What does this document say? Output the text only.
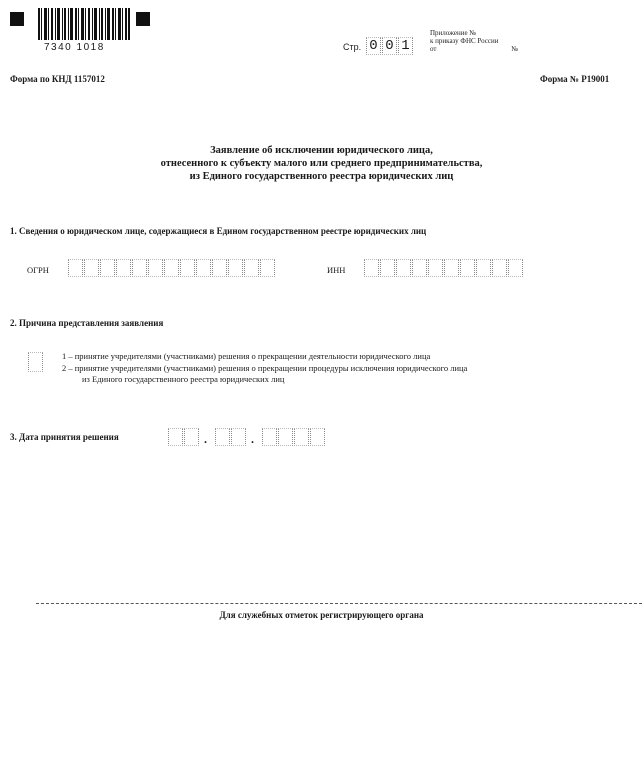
7340 1018	Стр. 0 0 1
Приложение №
к приказу ФНС России
от	№
Форма по КНД 1157012	Форма № Р19001
Заявление об исключении юридического лица,
отнесенного к субъекту малого или среднего предпринимательства,
из Единого государственного реестра юридических лиц
1. Сведения о юридическом лице, содержащиеся в Едином государственном реестре юридических лиц
ОГРН	ИНН
2. Причина представления заявления
1 – принятие учредителями (участниками) решения о прекращении деятельности юридического лица
2 – принятие учредителями (участниками) решения о прекращении процедуры исключения юридического лица
из Единого государственного реестра юридических лиц
3. Дата принятия решения	.	.
Для служебных отметок регистрирующего органа
